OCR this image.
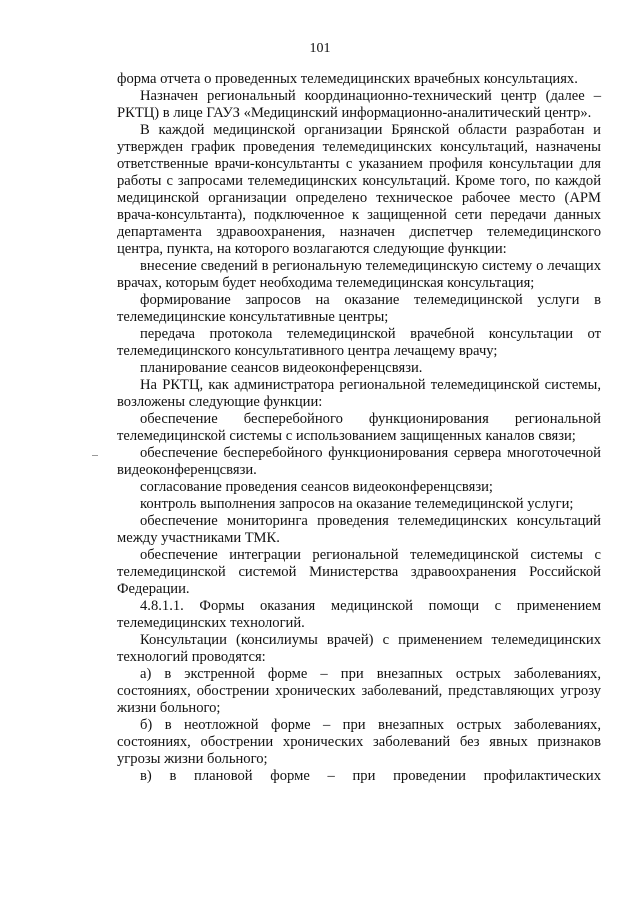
101

форма отчета о проведенных телемедицинских врачебных консультациях.

Назначен региональный координационно-технический центр (далее – РКТЦ) в лице ГАУЗ «Медицинский информационно-аналитический центр».

В каждой медицинской организации Брянской области разработан и утвержден график проведения телемедицинских консультаций, назначены ответственные врачи-консультанты с указанием профиля консультации для работы с запросами телемедицинских консультаций. Кроме того, по каждой медицинской организации определено техническое рабочее место (АРМ врача-консультанта), подключенное к защищенной сети передачи данных департамента здравоохранения, назначен диспетчер телемедицинского центра, пункта, на которого возлагаются следующие функции:

внесение сведений в региональную телемедицинскую систему о лечащих врачах, которым будет необходима телемедицинская консультация;

формирование запросов на оказание телемедицинской услуги в телемедицинские консультативные центры;

передача протокола телемедицинской врачебной консультации от телемедицинского консультативного центра лечащему врачу;

планирование сеансов видеоконференцсвязи.

На РКТЦ, как администратора региональной телемедицинской системы, возложены следующие функции:

обеспечение бесперебойного функционирования региональной телемедицинской системы с использованием защищенных каналов связи;

обеспечение бесперебойного функционирования сервера многоточечной видеоконференцсвязи.

согласование проведения сеансов видеоконференцсвязи;

контроль выполнения запросов на оказание телемедицинской услуги;

обеспечение мониторинга проведения телемедицинских консультаций между участниками ТМК.

обеспечение интеграции региональной телемедицинской системы с телемедицинской системой Министерства здравоохранения Российской Федерации.

4.8.1.1. Формы оказания медицинской помощи с применением телемедицинских технологий.

Консультации (консилиумы врачей) с применением телемедицинских технологий проводятся:

а) в экстренной форме – при внезапных острых заболеваниях, состояниях, обострении хронических заболеваний, представляющих угрозу жизни больного;

б) в неотложной форме – при внезапных острых заболеваниях, состояниях, обострении хронических заболеваний без явных признаков угрозы жизни больного;

в) в плановой форме – при проведении профилактических
